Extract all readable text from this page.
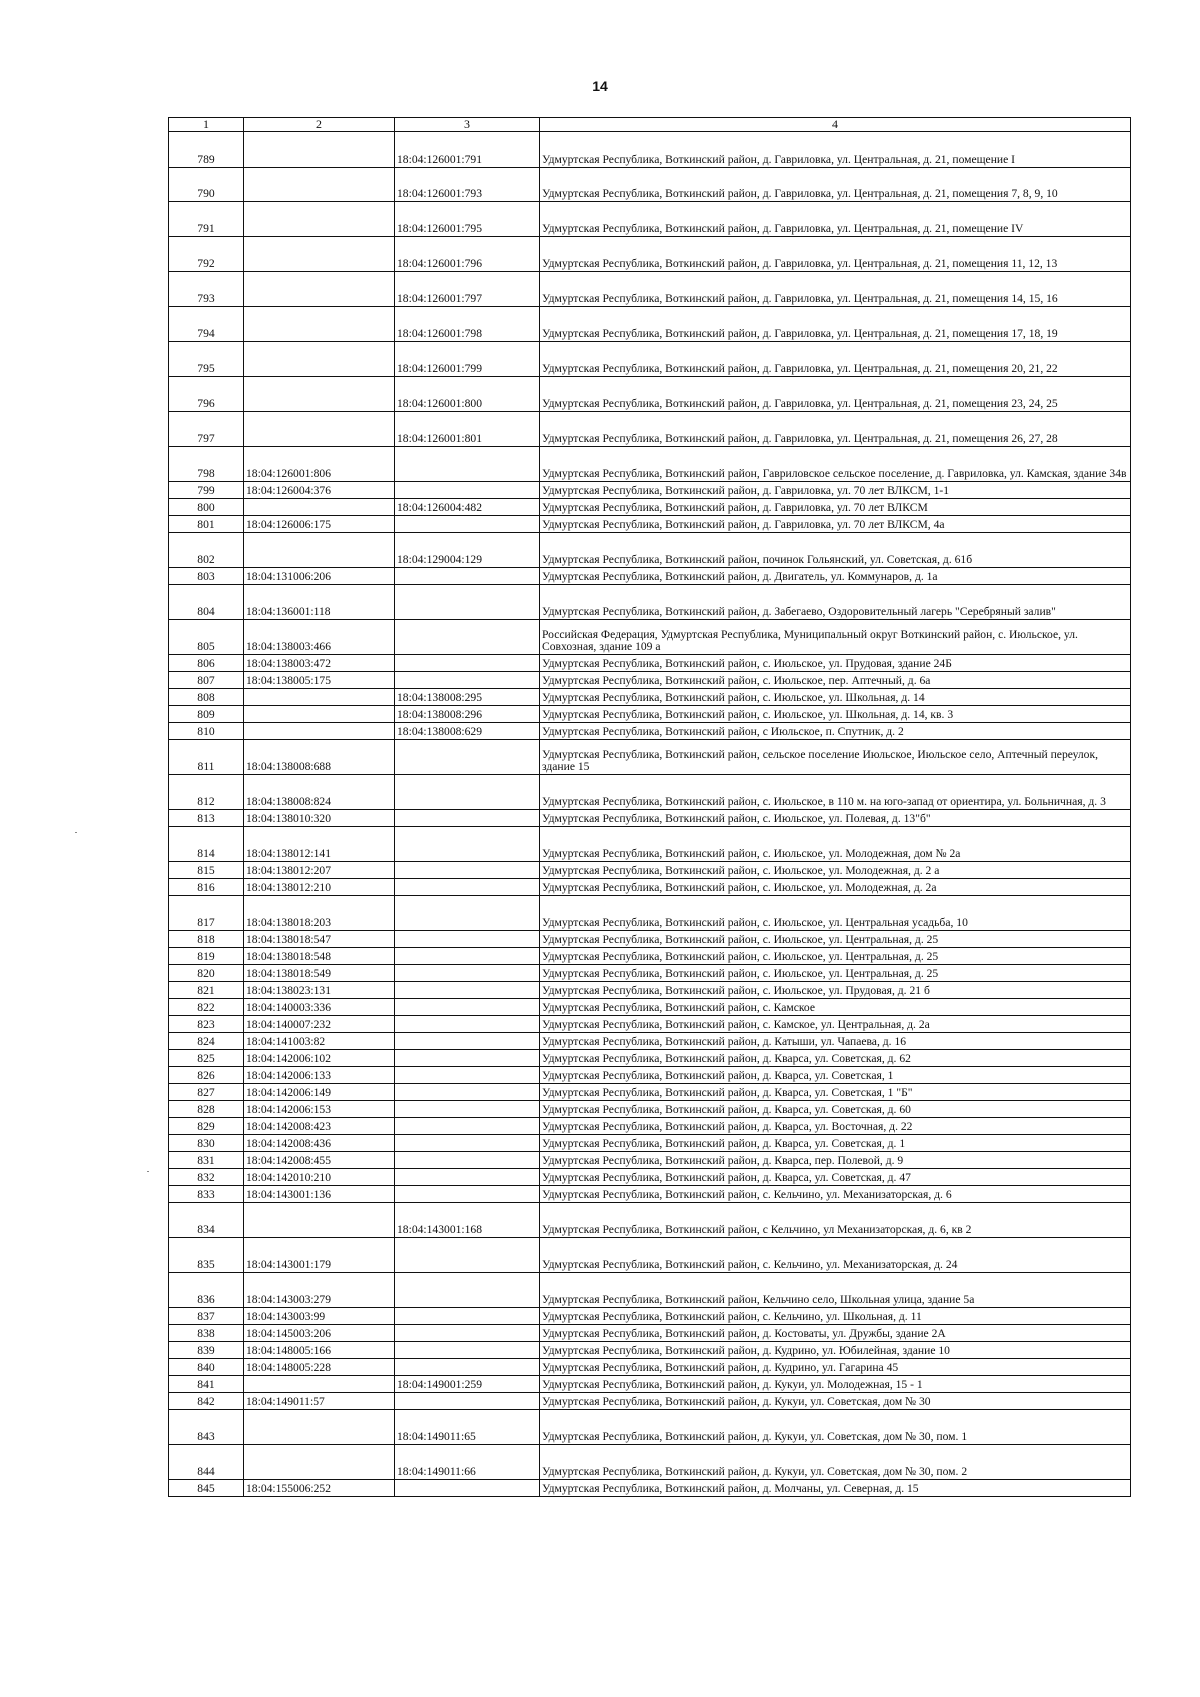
14
1	2	3	4
789		18:04:126001:791	Удмуртская Республика, Воткинский район, д. Гавриловка, ул. Центральная, д. 21, помещение I
790		18:04:126001:793	Удмуртская Республика, Воткинский район, д. Гавриловка, ул. Центральная, д. 21, помещения 7, 8, 9, 10
791		18:04:126001:795	Удмуртская Республика, Воткинский район, д. Гавриловка, ул. Центральная, д. 21, помещение IV
792		18:04:126001:796	Удмуртская Республика, Воткинский район, д. Гавриловка, ул. Центральная, д. 21, помещения 11, 12, 13
793		18:04:126001:797	Удмуртская Республика, Воткинский район, д. Гавриловка, ул. Центральная, д. 21, помещения 14, 15, 16
794		18:04:126001:798	Удмуртская Республика, Воткинский район, д. Гавриловка, ул. Центральная, д. 21, помещения 17, 18, 19
795		18:04:126001:799	Удмуртская Республика, Воткинский район, д. Гавриловка, ул. Центральная, д. 21, помещения 20, 21, 22
796		18:04:126001:800	Удмуртская Республика, Воткинский район, д. Гавриловка, ул. Центральная, д. 21, помещения 23, 24, 25
797		18:04:126001:801	Удмуртская Республика, Воткинский район, д. Гавриловка, ул. Центральная, д. 21, помещения 26, 27, 28
798	18:04:126001:806		Удмуртская Республика, Воткинский район, Гавриловское сельское поселение, д. Гавриловка, ул. Камская, здание 34в
799	18:04:126004:376		Удмуртская Республика, Воткинский район, д. Гавриловка, ул. 70 лет ВЛКСМ, 1-1
800		18:04:126004:482	Удмуртская Республика, Воткинский район, д. Гавриловка, ул. 70 лет ВЛКСМ
801	18:04:126006:175		Удмуртская Республика, Воткинский район, д. Гавриловка, ул. 70 лет ВЛКСМ, 4а
802		18:04:129004:129	Удмуртская Республика, Воткинский район, починок Гольянский, ул. Советская, д. 61б
803	18:04:131006:206		Удмуртская Республика, Воткинский район, д. Двигатель, ул. Коммунаров, д. 1а
804	18:04:136001:118		Удмуртская Республика, Воткинский район, д. Забегаево, Оздоровительный лагерь "Серебряный залив"
805	18:04:138003:466		Российская Федерация, Удмуртская Республика, Муниципальный округ Воткинский район, с. Июльское, ул. Совхозная, здание 109 а
806	18:04:138003:472		Удмуртская Республика, Воткинский район, с. Июльское, ул. Прудовая, здание 24Б
807	18:04:138005:175		Удмуртская Республика, Воткинский район, с. Июльское, пер. Аптечный, д. 6а
808		18:04:138008:295	Удмуртская Республика, Воткинский район, с. Июльское, ул. Школьная, д. 14
809		18:04:138008:296	Удмуртская Республика, Воткинский район, с. Июльское, ул. Школьная, д. 14, кв. 3
810		18:04:138008:629	Удмуртская Республика, Воткинский район, с Июльское, п. Спутник, д. 2
811	18:04:138008:688		Удмуртская Республика, Воткинский район, сельское поселение Июльское, Июльское село, Аптечный переулок, здание 15
812	18:04:138008:824		Удмуртская Республика, Воткинский район, с. Июльское, в 110 м. на юго-запад от ориентира, ул. Больничная, д. 3
813	18:04:138010:320		Удмуртская Республика, Воткинский район, с. Июльское, ул. Полевая, д. 13"б"
814	18:04:138012:141		Удмуртская Республика, Воткинский район, с. Июльское, ул. Молодежная, дом № 2а
815	18:04:138012:207		Удмуртская Республика, Воткинский район, с. Июльское, ул. Молодежная, д. 2 а
816	18:04:138012:210		Удмуртская Республика, Воткинский район, с. Июльское, ул. Молодежная, д. 2а
817	18:04:138018:203		Удмуртская Республика, Воткинский район, с. Июльское, ул. Центральная усадьба, 10
818	18:04:138018:547		Удмуртская Республика, Воткинский район, с. Июльское, ул. Центральная, д. 25
819	18:04:138018:548		Удмуртская Республика, Воткинский район, с. Июльское, ул. Центральная, д. 25
820	18:04:138018:549		Удмуртская Республика, Воткинский район, с. Июльское, ул. Центральная, д. 25
821	18:04:138023:131		Удмуртская Республика, Воткинский район, с. Июльское, ул. Прудовая, д. 21 б
822	18:04:140003:336		Удмуртская Республика, Воткинский район, с. Камское
823	18:04:140007:232		Удмуртская Республика, Воткинский район, с. Камское, ул. Центральная, д. 2а
824	18:04:141003:82		Удмуртская Республика, Воткинский район, д. Катыши, ул. Чапаева, д. 16
825	18:04:142006:102		Удмуртская Республика, Воткинский район, д. Кварса, ул. Советская, д. 62
826	18:04:142006:133		Удмуртская Республика, Воткинский район, д. Кварса, ул. Советская, 1
827	18:04:142006:149		Удмуртская Республика, Воткинский район, д. Кварса, ул. Советская, 1 "Б"
828	18:04:142006:153		Удмуртская Республика, Воткинский район, д. Кварса, ул. Советская, д. 60
829	18:04:142008:423		Удмуртская Республика, Воткинский район, д. Кварса, ул. Восточная, д. 22
830	18:04:142008:436		Удмуртская Республика, Воткинский район, д. Кварса, ул. Советская, д. 1
831	18:04:142008:455		Удмуртская Республика, Воткинский район, д. Кварса, пер. Полевой, д. 9
832	18:04:142010:210		Удмуртская Республика, Воткинский район, д. Кварса, ул. Советская, д. 47
833	18:04:143001:136		Удмуртская Республика, Воткинский район, с. Кельчино, ул. Механизаторская, д. 6
834		18:04:143001:168	Удмуртская Республика, Воткинский район, с Кельчино, ул Механизаторская, д. 6, кв 2
835	18:04:143001:179		Удмуртская Республика, Воткинский район, с. Кельчино, ул. Механизаторская, д. 24
836	18:04:143003:279		Удмуртская Республика, Воткинский район, Кельчино село, Школьная улица, здание 5а
837	18:04:143003:99		Удмуртская Республика, Воткинский район, с. Кельчино, ул. Школьная, д. 11
838	18:04:145003:206		Удмуртская Республика, Воткинский район, д. Костоваты, ул. Дружбы, здание 2А
839	18:04:148005:166		Удмуртская Республика, Воткинский район, д. Кудрино, ул. Юбилейная, здание 10
840	18:04:148005:228		Удмуртская Республика, Воткинский район, д. Кудрино, ул. Гагарина 45
841		18:04:149001:259	Удмуртская Республика, Воткинский район, д. Кукуи, ул. Молодежная, 15 - 1
842	18:04:149011:57		Удмуртская Республика, Воткинский район, д. Кукуи, ул. Советская, дом № 30
843		18:04:149011:65	Удмуртская Республика, Воткинский район, д. Кукуи, ул. Советская, дом № 30, пом. 1
844		18:04:149011:66	Удмуртская Республика, Воткинский район, д. Кукуи, ул. Советская, дом № 30, пом. 2
845	18:04:155006:252		Удмуртская Республика, Воткинский район, д. Молчаны, ул. Северная, д. 15
